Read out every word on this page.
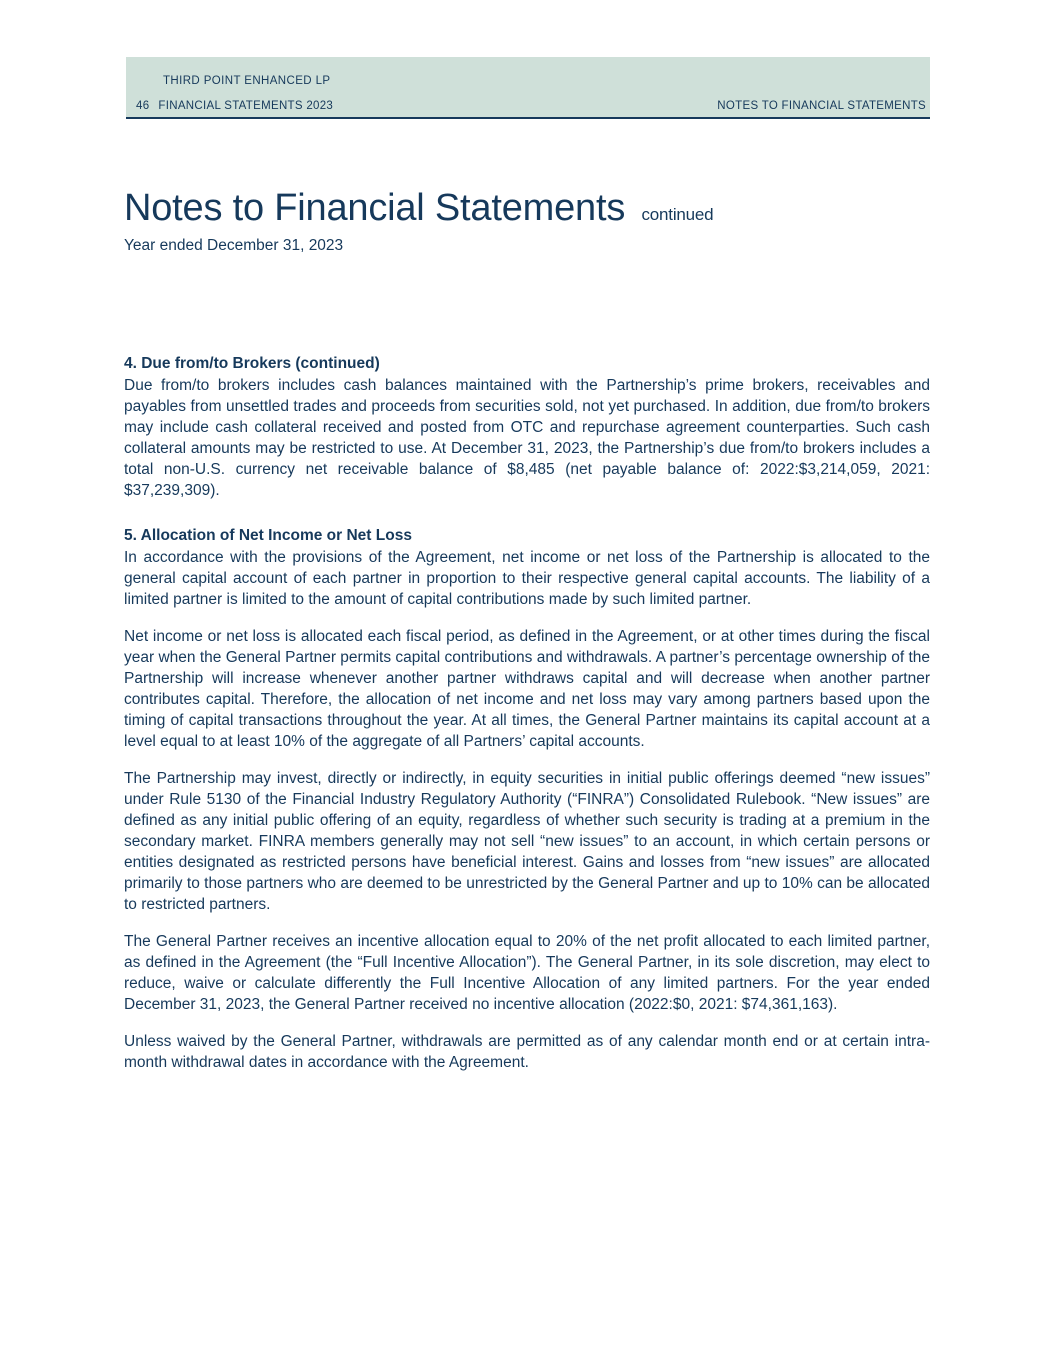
THIRD POINT ENHANCED LP
46 FINANCIAL STATEMENTS 2023	NOTES TO FINANCIAL STATEMENTS
Notes to Financial Statements continued
Year ended December 31, 2023
4. Due from/to Brokers (continued)

Due from/to brokers includes cash balances maintained with the Partnership’s prime brokers, receivables and payables from unsettled trades and proceeds from securities sold, not yet purchased. In addition, due from/to brokers may include cash collateral received and posted from OTC and repurchase agreement counterparties. Such cash collateral amounts may be restricted to use. At December 31, 2023, the Partnership’s due from/to brokers includes a total non-U.S. currency net receivable balance of $8,485 (net payable balance of: 2022:$3,214,059, 2021: $37,239,309).

5. Allocation of Net Income or Net Loss

In accordance with the provisions of the Agreement, net income or net loss of the Partnership is allocated to the general capital account of each partner in proportion to their respective general capital accounts. The liability of a limited partner is limited to the amount of capital contributions made by such limited partner.

Net income or net loss is allocated each fiscal period, as defined in the Agreement, or at other times during the fiscal year when the General Partner permits capital contributions and withdrawals. A partner’s percentage ownership of the Partnership will increase whenever another partner withdraws capital and will decrease when another partner contributes capital. Therefore, the allocation of net income and net loss may vary among partners based upon the timing of capital transactions throughout the year. At all times, the General Partner maintains its capital account at a level equal to at least 10% of the aggregate of all Partners’ capital accounts.

The Partnership may invest, directly or indirectly, in equity securities in initial public offerings deemed “new issues” under Rule 5130 of the Financial Industry Regulatory Authority (“FINRA”) Consolidated Rulebook. “New issues” are defined as any initial public offering of an equity, regardless of whether such security is trading at a premium in the secondary market. FINRA members generally may not sell “new issues” to an account, in which certain persons or entities designated as restricted persons have beneficial interest. Gains and losses from “new issues” are allocated primarily to those partners who are deemed to be unrestricted by the General Partner and up to 10% can be allocated to restricted partners.

The General Partner receives an incentive allocation equal to 20% of the net profit allocated to each limited partner, as defined in the Agreement (the “Full Incentive Allocation”). The General Partner, in its sole discretion, may elect to reduce, waive or calculate differently the Full Incentive Allocation of any limited partners. For the year ended December 31, 2023, the General Partner received no incentive allocation (2022:$0, 2021: $74,361,163).

Unless waived by the General Partner, withdrawals are permitted as of any calendar month end or at certain intra-month withdrawal dates in accordance with the Agreement.
